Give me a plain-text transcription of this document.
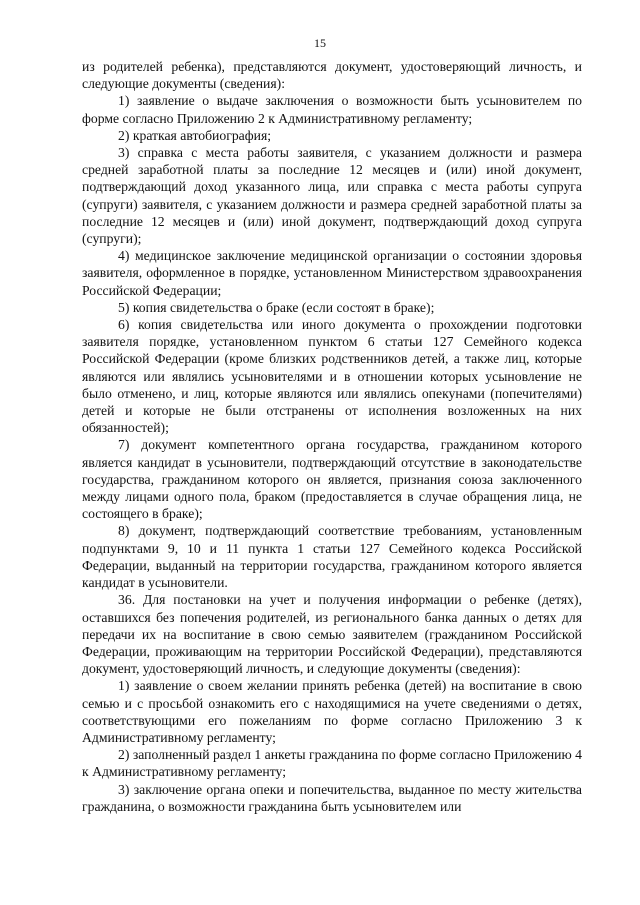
15

из родителей ребенка), представляются документ, удостоверяющий личность, и следующие документы (сведения):

1) заявление о выдаче заключения о возможности быть усыновителем по форме согласно Приложению 2 к Административному регламенту;

2) краткая автобиография;

3) справка с места работы заявителя, с указанием должности и размера средней заработной платы за последние 12 месяцев и (или) иной документ, подтверждающий доход указанного лица, или справка с места работы супруга (супруги) заявителя, с указанием должности и размера средней заработной платы за последние 12 месяцев и (или) иной документ, подтверждающий доход супруга (супруги);

4) медицинское заключение медицинской организации о состоянии здоровья заявителя, оформленное в порядке, установленном Министерством здравоохранения Российской Федерации;

5) копия свидетельства о браке (если состоят в браке);

6) копия свидетельства или иного документа о прохождении подготовки заявителя порядке, установленном пунктом 6 статьи 127 Семейного кодекса Российской Федерации (кроме близких родственников детей, а также лиц, которые являются или являлись усыновителями и в отношении которых усыновление не было отменено, и лиц, которые являются или являлись опекунами (попечителями) детей и которые не были отстранены от исполнения возложенных на них обязанностей);

7) документ компетентного органа государства, гражданином которого является кандидат в усыновители, подтверждающий отсутствие в законодательстве государства, гражданином которого он является, признания союза заключенного между лицами одного пола, браком (предоставляется в случае обращения лица, не состоящего в браке);

8) документ, подтверждающий соответствие требованиям, установленным подпунктами 9, 10 и 11 пункта 1 статьи 127 Семейного кодекса Российской Федерации, выданный на территории государства, гражданином которого является кандидат в усыновители.

36. Для постановки на учет и получения информации о ребенке (детях), оставшихся без попечения родителей, из регионального банка данных о детях для передачи их на воспитание в свою семью заявителем (гражданином Российской Федерации, проживающим на территории Российской Федерации), представляются документ, удостоверяющий личность, и следующие документы (сведения):

1) заявление о своем желании принять ребенка (детей) на воспитание в свою семью и с просьбой ознакомить его с находящимися на учете сведениями о детях, соответствующими его пожеланиям по форме согласно Приложению 3 к Административному регламенту;

2) заполненный раздел 1 анкеты гражданина по форме согласно Приложению 4 к Административному регламенту;

3) заключение органа опеки и попечительства, выданное по месту жительства гражданина, о возможности гражданина быть усыновителем или
